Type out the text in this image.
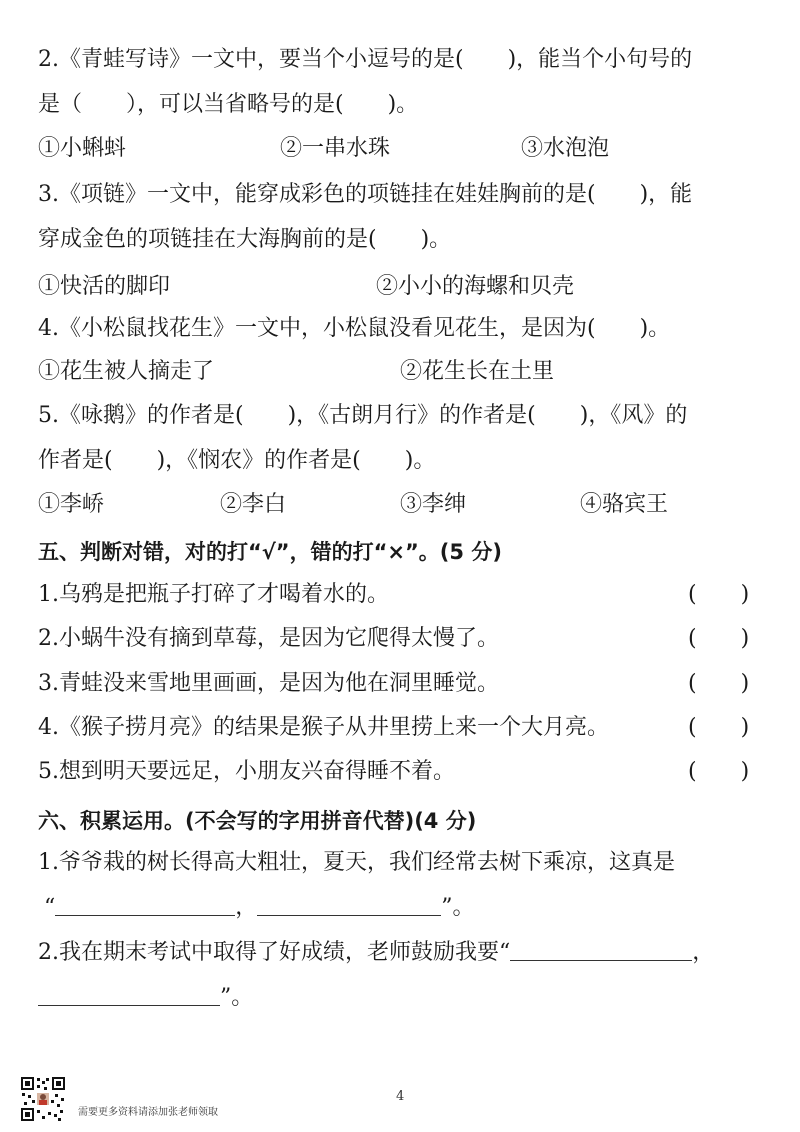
2.《青蛙写诗》一文中，要当个小逗号的是(　　)，能当个小句号的
是（　　），可以当省略号的是(　　)。
①小蝌蚪	②一串水珠	③水泡泡
3.《项链》一文中，能穿成彩色的项链挂在娃娃胸前的是(　　)，能
穿成金色的项链挂在大海胸前的是(　　)。
①快活的脚印	②小小的海螺和贝壳
4.《小松鼠找花生》一文中，小松鼠没看见花生，是因为(　　)。
①花生被人摘走了	②花生长在土里
5.《咏鹅》的作者是(　　)，《古朗月行》的作者是(　　)，《风》的
作者是(　　)，《悯农》的作者是(　　)。
①李峤	②李白	③李绅	④骆宾王
五、判断对错，对的打“√”，错的打“×”。(5 分)
1.乌鸦是把瓶子打碎了才喝着水的。	(　　)
2.小蜗牛没有摘到草莓，是因为它爬得太慢了。	(　　)
3.青蛙没来雪地里画画，是因为他在洞里睡觉。	(　　)
4.《猴子捞月亮》的结果是猴子从井里捞上来一个大月亮。	(　　)
5.想到明天要远足，小朋友兴奋得睡不着。	(　　)
六、积累运用。(不会写的字用拼音代替)(4 分)
1.爷爷栽的树长得高大粗壮，夏天，我们经常去树下乘凉，这真是
“	，	”。
2.我在期末考试中取得了好成绩，老师鼓励我要“	，
”。
4
需要更多资料请添加张老师领取
